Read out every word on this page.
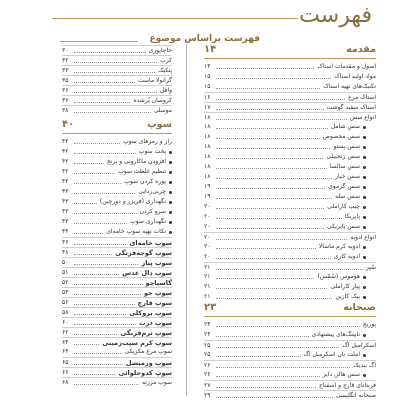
فهرست
فهرست براساس موضوع
مقدمه
۱۴
اصول و مقدمات استاک
۱۴
مواد اولیه استاک
۱۵
تکنیک‌های تهیه استاک
۱۵
استاک مرغ
۱۶
استاک سفید گوشت
۱۷
انواع سس
۱۸
سس شامل
۱۸
سس مخصوص
۱۸
سس پستو
۱۸
سس زنجبیلی
۱۸
سس سالسا
۱۸
سس خیار
۱۸
سس گرموی
۱۹
سس سله
۱۹
چیپ کاراملی
۲۰
پاپریکا
۲۰
سس پاپریکی
۲۰
انواع ادویه
۲۰
ادویه کرم ماسالا
۲۰
ادویه کاری
۲۰
سُپر
۲۱
هوموس (سُمّس)
۲۱
پیاز کاراملی
۲۱
پیک کازین
۲۱
صبحانه
۲۳
پوریج
۲۴
تاپینگ‌های پیشنهادی
۲۴
اسکرامبل اگ
۲۵
املت نان اسکرمبل اگ
۲۵
اگ بندیک
۲۶
سس هالن دایز
۲۶
فریتاتای قارچ و اسفناج
۲۷
صبحانه انگلیسی
۲۹
خاچاپوری
۳۰
کرپ
۳۲
پنکیک
۳۳
گرانولا ماست
۳۵
وافل
۳۶
کروسان پُرشده
۳۷
موسلی
۳۸
سوپ
۴۰
راز و رمزهای سوپ
۴۲
پخت سوپ
۴۲
افزودن ماکارونی و برنج
۴۲
تنظیم غلظت سوپ
۴۲
پوره کردن سوپ
۴۲
چربی‌زدایی
۴۳
نگهداری (فریزر و دورچین)
۴۳
سرو کردن
۴۳
نگهداری سوپ
۴۳
نکات تهیه سوپ خامه‌ای
۴۴
سوپ خامه‌ای
۴۶
سوپ گوجه‌فرنگی
۴۸
سوپ پیاز
۵۰
سوپ دال عدس
۵۱
گاسپاچو
۵۲
سوپ جو
۵۴
سوپ قارچ
۵۶
سوپ بروکلی
۵۸
سوپ ذرت
۶۰
سوپ نرم‌فرنگی
۶۲
سوپ کرم سیب‌زمینی
۶۴
سوپ مرغ مکزیکی
۶۴
سوپ ورمیشل
۶۵
سوپ کدوحلوائی
۶۶
سوپ مرزنه
۶۸
